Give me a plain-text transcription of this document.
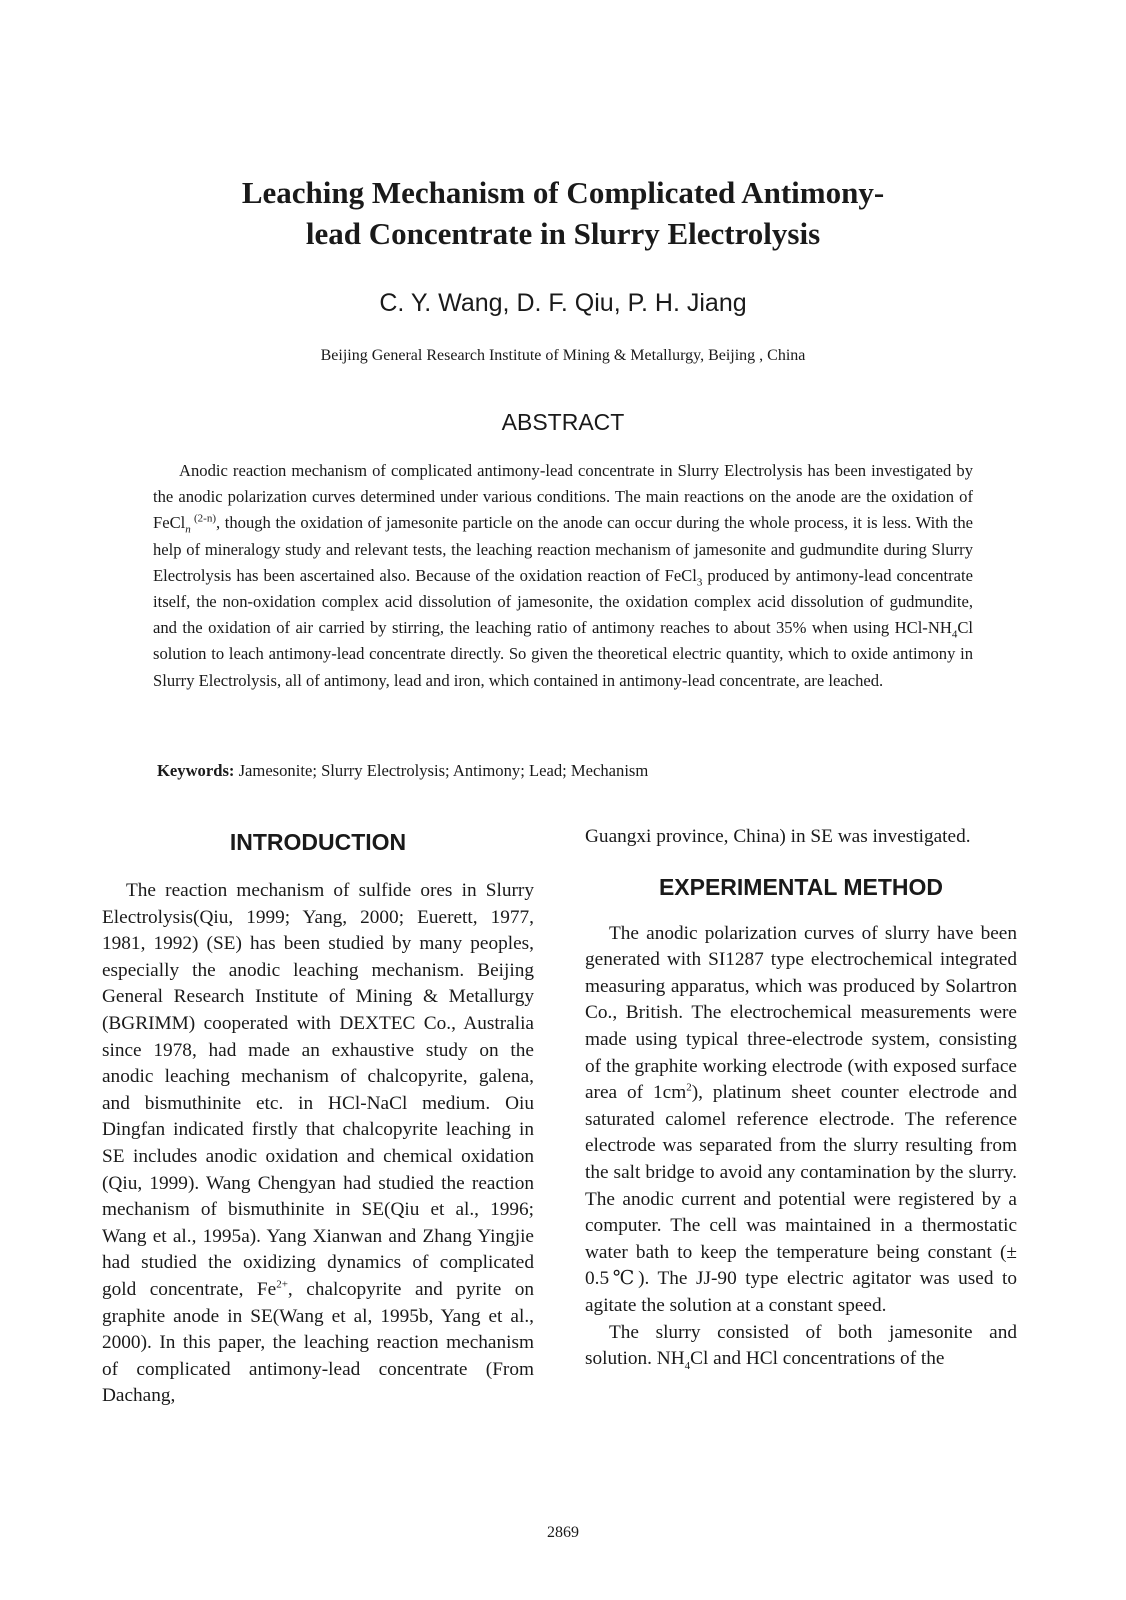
Leaching Mechanism of Complicated Antimony-
lead Concentrate in Slurry Electrolysis
C. Y. Wang, D. F. Qiu, P. H. Jiang
Beijing General Research Institute of Mining & Metallurgy, Beijing , China
ABSTRACT

Anodic reaction mechanism of complicated antimony-lead concentrate in Slurry Electrolysis has been investigated by the anodic polarization curves determined under various conditions. The main reactions on the anode are the oxidation of FeCl$_n$ $^{(2-n)}$, though the oxidation of jamesonite particle on the anode can occur during the whole process, it is less. With the help of mineralogy study and relevant tests, the leaching reaction mechanism of jamesonite and gudmundite during Slurry Electrolysis has been ascertained also. Because of the oxidation reaction of FeCl$_3$ produced by antimony-lead concentrate itself, the non-oxidation complex acid dissolution of jamesonite, the oxidation complex acid dissolution of gudmundite, and the oxidation of air carried by stirring, the leaching ratio of antimony reaches to about 35% when using HCl-$NH_4Cl$ solution to leach antimony-lead concentrate directly. So given the theoretical electric quantity, which to oxide antimony in Slurry Electrolysis, all of antimony, lead and iron, which contained in antimony-lead concentrate, are leached.

Keywords: Jamesonite; Slurry Electrolysis; Antimony; Lead; Mechanism
INTRODUCTION

The reaction mechanism of sulfide ores in Slurry Electrolysis(Qiu, 1999; Yang, 2000; Euerett, 1977, 1981, 1992) (SE) has been studied by many peoples, especially the anodic leaching mechanism. Beijing General Research Institute of Mining & Metallurgy (BGRIMM) cooperated with DEXTEC Co., Australia since 1978, had made an exhaustive study on the anodic leaching mechanism of chalcopyrite, galena, and bismuthinite etc. in HCl-NaCl medium. Oiu Dingfan indicated firstly that chalcopyrite leaching in SE includes anodic oxidation and chemical oxidation (Qiu, 1999). Wang Chengyan had studied the reaction mechanism of bismuthinite in SE(Qiu et al., 1996; Wang et al., 1995a). Yang Xianwan and Zhang Yingjie had studied the oxidizing dynamics of complicated gold concentrate, $Fe^{2+}$, chalcopyrite and pyrite on graphite anode in SE(Wang et al, 1995b, Yang et al., 2000). In this paper, the leaching reaction mechanism of complicated antimony-lead concentrate (From Dachang,

Guangxi province, China) in SE was investigated.

EXPERIMENTAL METHOD

The anodic polarization curves of slurry have been generated with SI1287 type electrochemical integrated measuring apparatus, which was produced by Solartron Co., British. The electrochemical measurements were made using typical three-electrode system, consisting of the graphite working electrode (with exposed surface area of $1cm^2$), platinum sheet counter electrode and saturated calomel reference electrode. The reference electrode was separated from the slurry resulting from the salt bridge to avoid any contamination by the slurry. The anodic current and potential were registered by a computer. The cell was maintained in a thermostatic water bath to keep the temperature being constant (± 0.5℃). The JJ-90 type electric agitator was used to agitate the solution at a constant speed.

The slurry consisted of both jamesonite and solution. $NH_4Cl$ and HCl concentrations of the

2869
